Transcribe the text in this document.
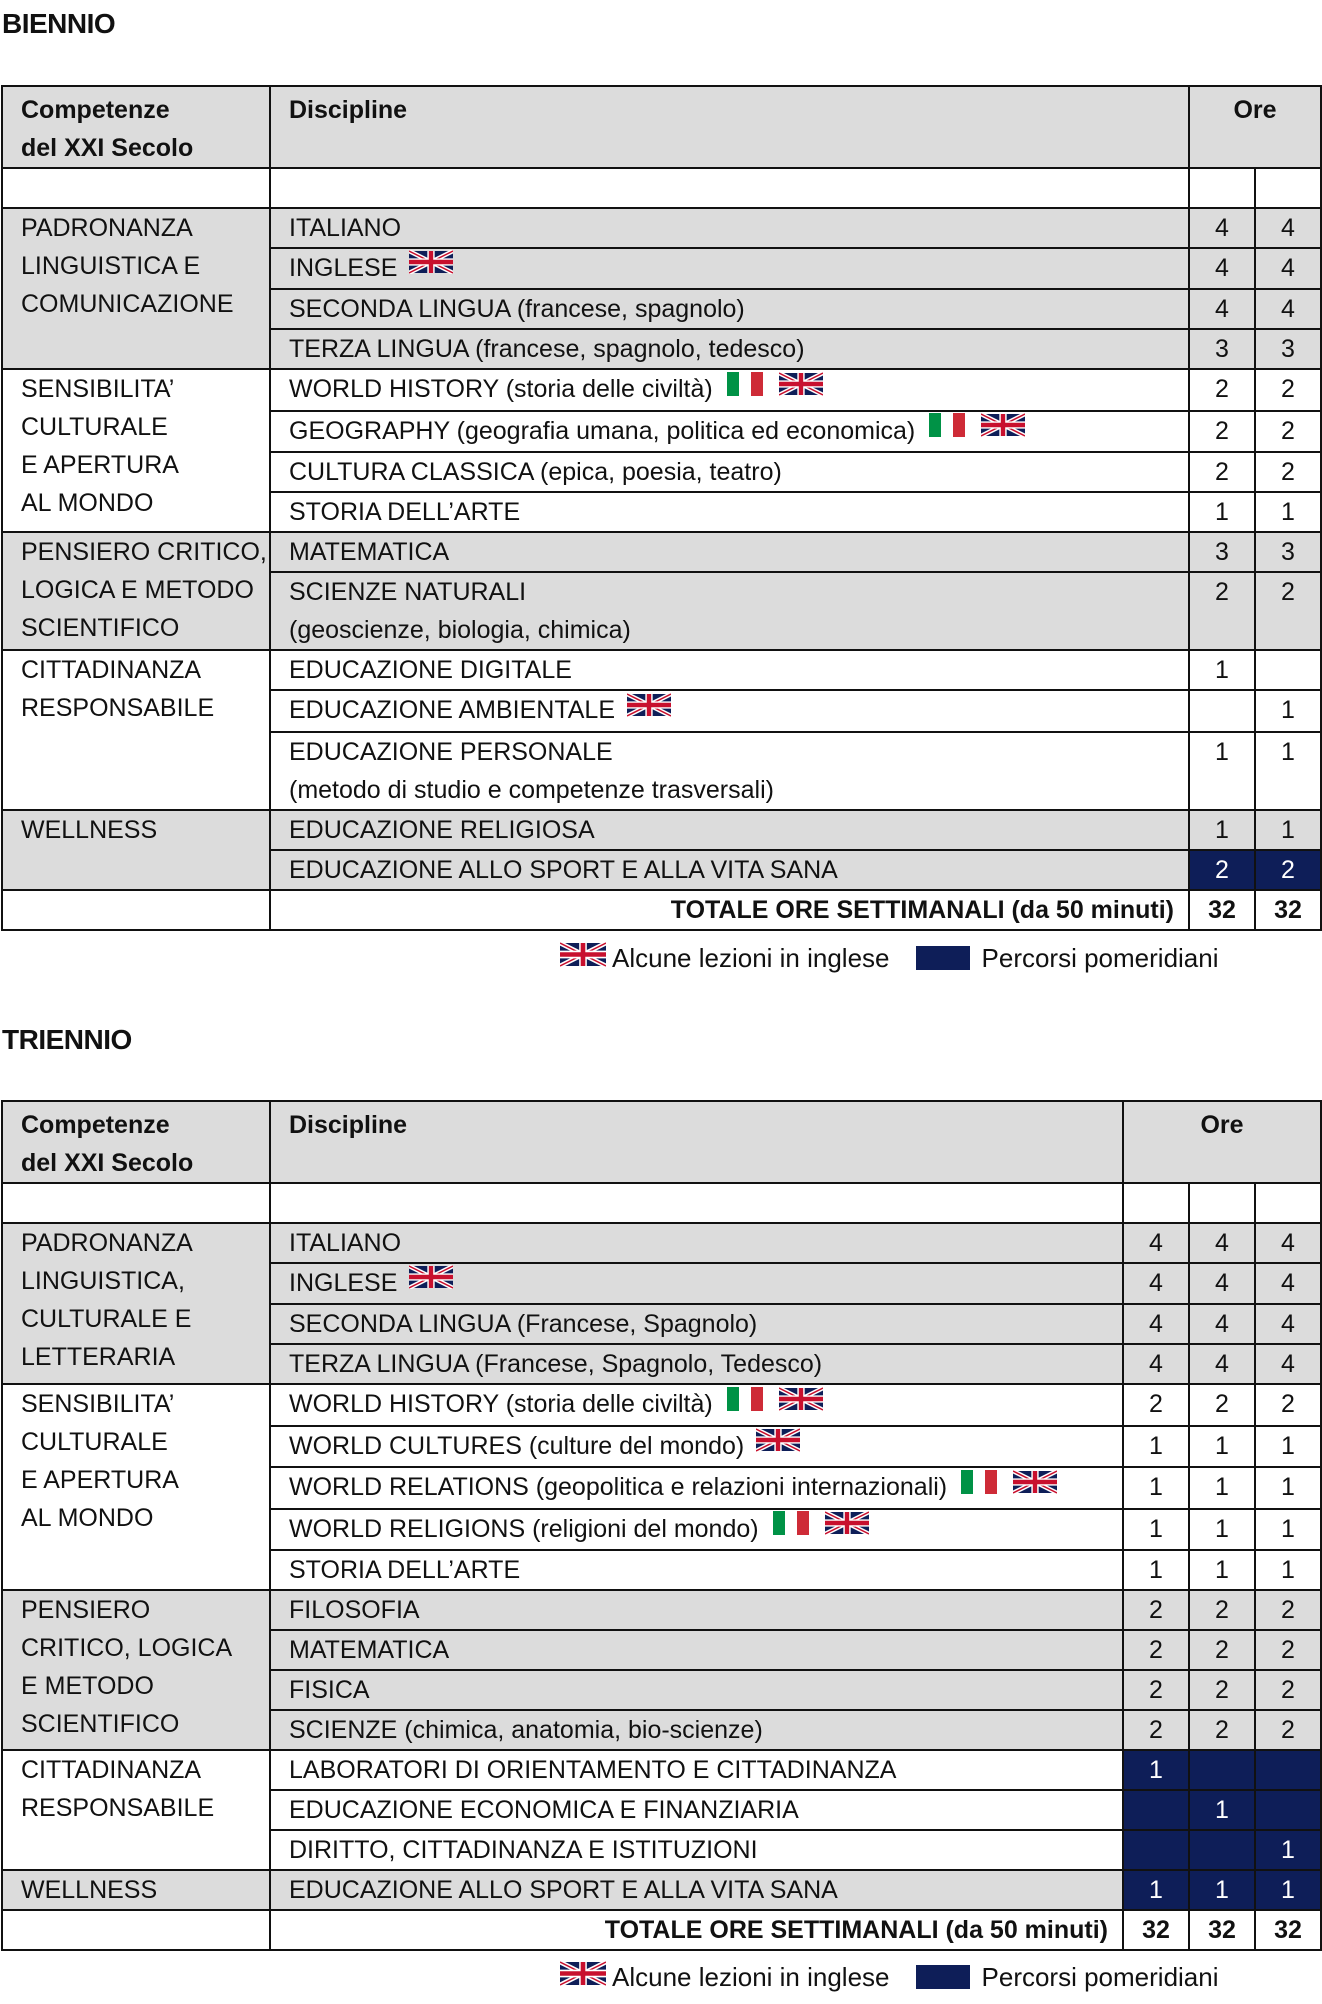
BIENNIO
Competenze
del XXI Secolo	Discipline	Ore	

PADRONANZA
LINGUISTICA E
COMUNICAZIONE	ITALIANO	4	4
	INGLESE	4	4
	SECONDA LINGUA (francese, spagnolo)	4	4
	TERZA LINGUA (francese, spagnolo, tedesco)	3	3
SENSIBILITA’
CULTURALE
E APERTURA
AL MONDO	WORLD HISTORY (storia delle civiltà)	2	2
	GEOGRAPHY (geografia umana, politica ed economica)	2	2
	CULTURA CLASSICA (epica, poesia, teatro)	2	2
	STORIA DELL’ARTE	1	1
PENSIERO CRITICO,
LOGICA E METODO
SCIENTIFICO	MATEMATICA	3	3
	SCIENZE NATURALI
(geoscienze, biologia, chimica)	2	2
CITTADINANZA
RESPONSABILE	EDUCAZIONE DIGITALE	1	
	EDUCAZIONE AMBIENTALE		1
	EDUCAZIONE PERSONALE
(metodo di studio e competenze trasversali)	1	1
WELLNESS	EDUCAZIONE RELIGIOSA	1	1
	EDUCAZIONE ALLO SPORT E ALLA VITA SANA	2	2
	TOTALE ORE SETTIMANALI (da 50 minuti)	32	32
Alcune lezioni in inglese	Percorsi pomeridiani
TRIENNIO
Competenze
del XXI Secolo	Discipline	Ore		

PADRONANZA
LINGUISTICA,
CULTURALE E
LETTERARIA	ITALIANO	4	4	4
	INGLESE	4	4	4
	SECONDA LINGUA (Francese, Spagnolo)	4	4	4
	TERZA LINGUA (Francese, Spagnolo, Tedesco)	4	4	4
SENSIBILITA’
CULTURALE
E APERTURA
AL MONDO	WORLD HISTORY (storia delle civiltà)	2	2	2
	WORLD CULTURES (culture del mondo)	1	1	1
	WORLD RELATIONS (geopolitica e relazioni internazionali)	1	1	1
	WORLD RELIGIONS (religioni del mondo)	1	1	1
	STORIA DELL’ARTE	1	1	1
PENSIERO
CRITICO, LOGICA
E METODO
SCIENTIFICO	FILOSOFIA	2	2	2
	MATEMATICA	2	2	2
	FISICA	2	2	2
	SCIENZE (chimica, anatomia, bio-scienze)	2	2	2
CITTADINANZA
RESPONSABILE	LABORATORI DI ORIENTAMENTO E CITTADINANZA	1		
	EDUCAZIONE ECONOMICA E FINANZIARIA		1	
	DIRITTO, CITTADINANZA E ISTITUZIONI			1
WELLNESS	EDUCAZIONE ALLO SPORT E ALLA VITA SANA	1	1	1
	TOTALE ORE SETTIMANALI (da 50 minuti)	32	32	32
Alcune lezioni in inglese	Percorsi pomeridiani
